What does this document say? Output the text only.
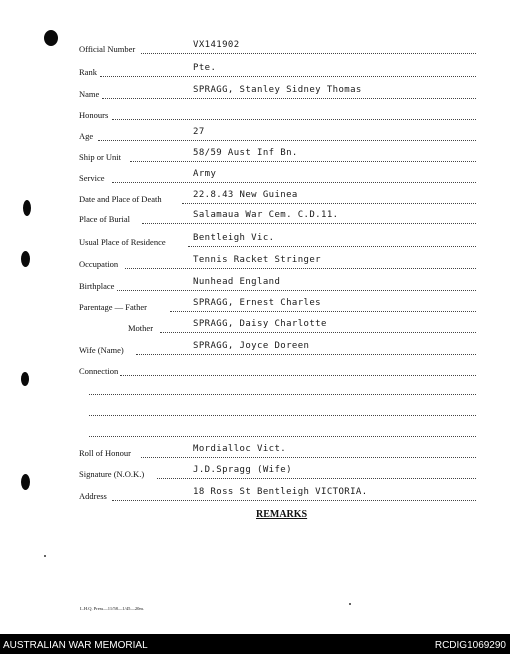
Official Number	VX141902
Rank	Pte.
Name	SPRAGG, Stanley Sidney Thomas
Honours
Age	27
Ship or Unit	58/59 Aust Inf Bn.
Service	Army
Date and Place of Death	22.8.43 New Guinea
Place of Burial	Salamaua War Cem. C.D.11.
Usual Place of Residence	Bentleigh Vic.
Occupation	Tennis Racket Stringer
Birthplace	Nunhead England
Parentage — Father	SPRAGG, Ernest Charles
Mother	SPRAGG, Daisy Charlotte
Wife (Name)	SPRAGG, Joyce Doreen
Connection
Roll of Honour	Mordialloc Vict.
Signature (N.O.K.)	J.D.Spragg (Wife)
Address	18 Ross St Bentleigh VICTORIA.
REMARKS
L.H.Q. Press—11/58—1/45—20m.
AUSTRALIAN WAR MEMORIAL	RCDIG1069290
